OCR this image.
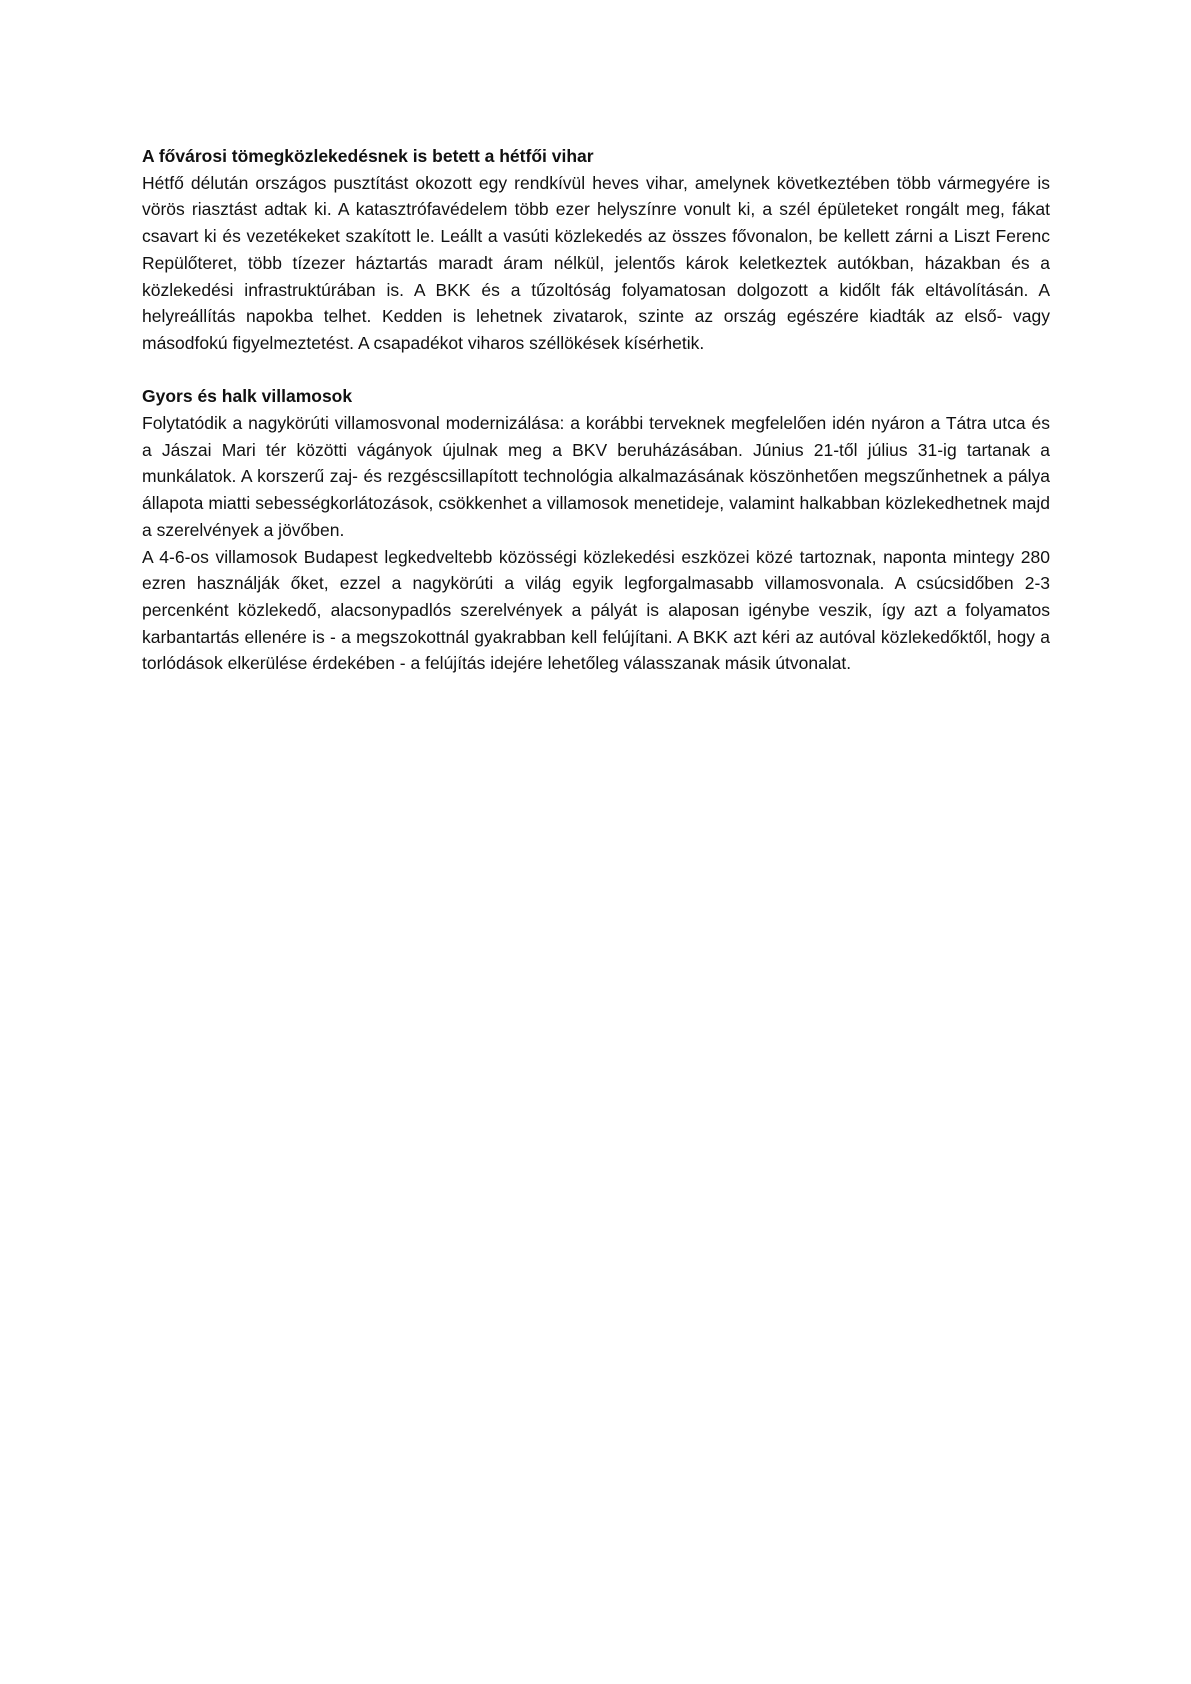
A fővárosi tömegközlekedésnek is betett a hétfői vihar

Hétfő délután országos pusztítást okozott egy rendkívül heves vihar, amelynek következtében több vármegyére is vörös riasztást adtak ki. A katasztrófavédelem több ezer helyszínre vonult ki, a szél épületeket rongált meg, fákat csavart ki és vezetékeket szakított le. Leállt a vasúti közlekedés az összes fővonalon, be kellett zárni a Liszt Ferenc Repülőteret, több tízezer háztartás maradt áram nélkül, jelentős károk keletkeztek autókban, házakban és a közlekedési infrastruktúrában is. A BKK és a tűzoltóság folyamatosan dolgozott a kidőlt fák eltávolításán. A helyreállítás napokba telhet. Kedden is lehetnek zivatarok, szinte az ország egészére kiadták az első- vagy másodfokú figyelmeztetést. A csapadékot viharos széllökések kísérhetik.

Gyors és halk villamosok

Folytatódik a nagykörúti villamosvonal modernizálása: a korábbi terveknek megfelelően idén nyáron a Tátra utca és a Jászai Mari tér közötti vágányok újulnak meg a BKV beruházásában. Június 21-től július 31-ig tartanak a munkálatok. A korszerű zaj- és rezgéscsillapított technológia alkalmazásának köszönhetően megszűnhetnek a pálya állapota miatti sebességkorlátozások, csökkenhet a villamosok menetideje, valamint halkabban közlekedhetnek majd a szerelvények a jövőben.

A 4-6-os villamosok Budapest legkedveltebb közösségi közlekedési eszközei közé tartoznak, naponta mintegy 280 ezren használják őket, ezzel a nagykörúti a világ egyik legforgalmasabb villamosvonala. A csúcsidőben 2-3 percenként közlekedő, alacsonypadlós szerelvények a pályát is alaposan igénybe veszik, így azt a folyamatos karbantartás ellenére is - a megszokottnál gyakrabban kell felújítani. A BKK azt kéri az autóval közlekedőktől, hogy a torlódások elkerülése érdekében - a felújítás idejére lehetőleg válasszanak másik útvonalat.
